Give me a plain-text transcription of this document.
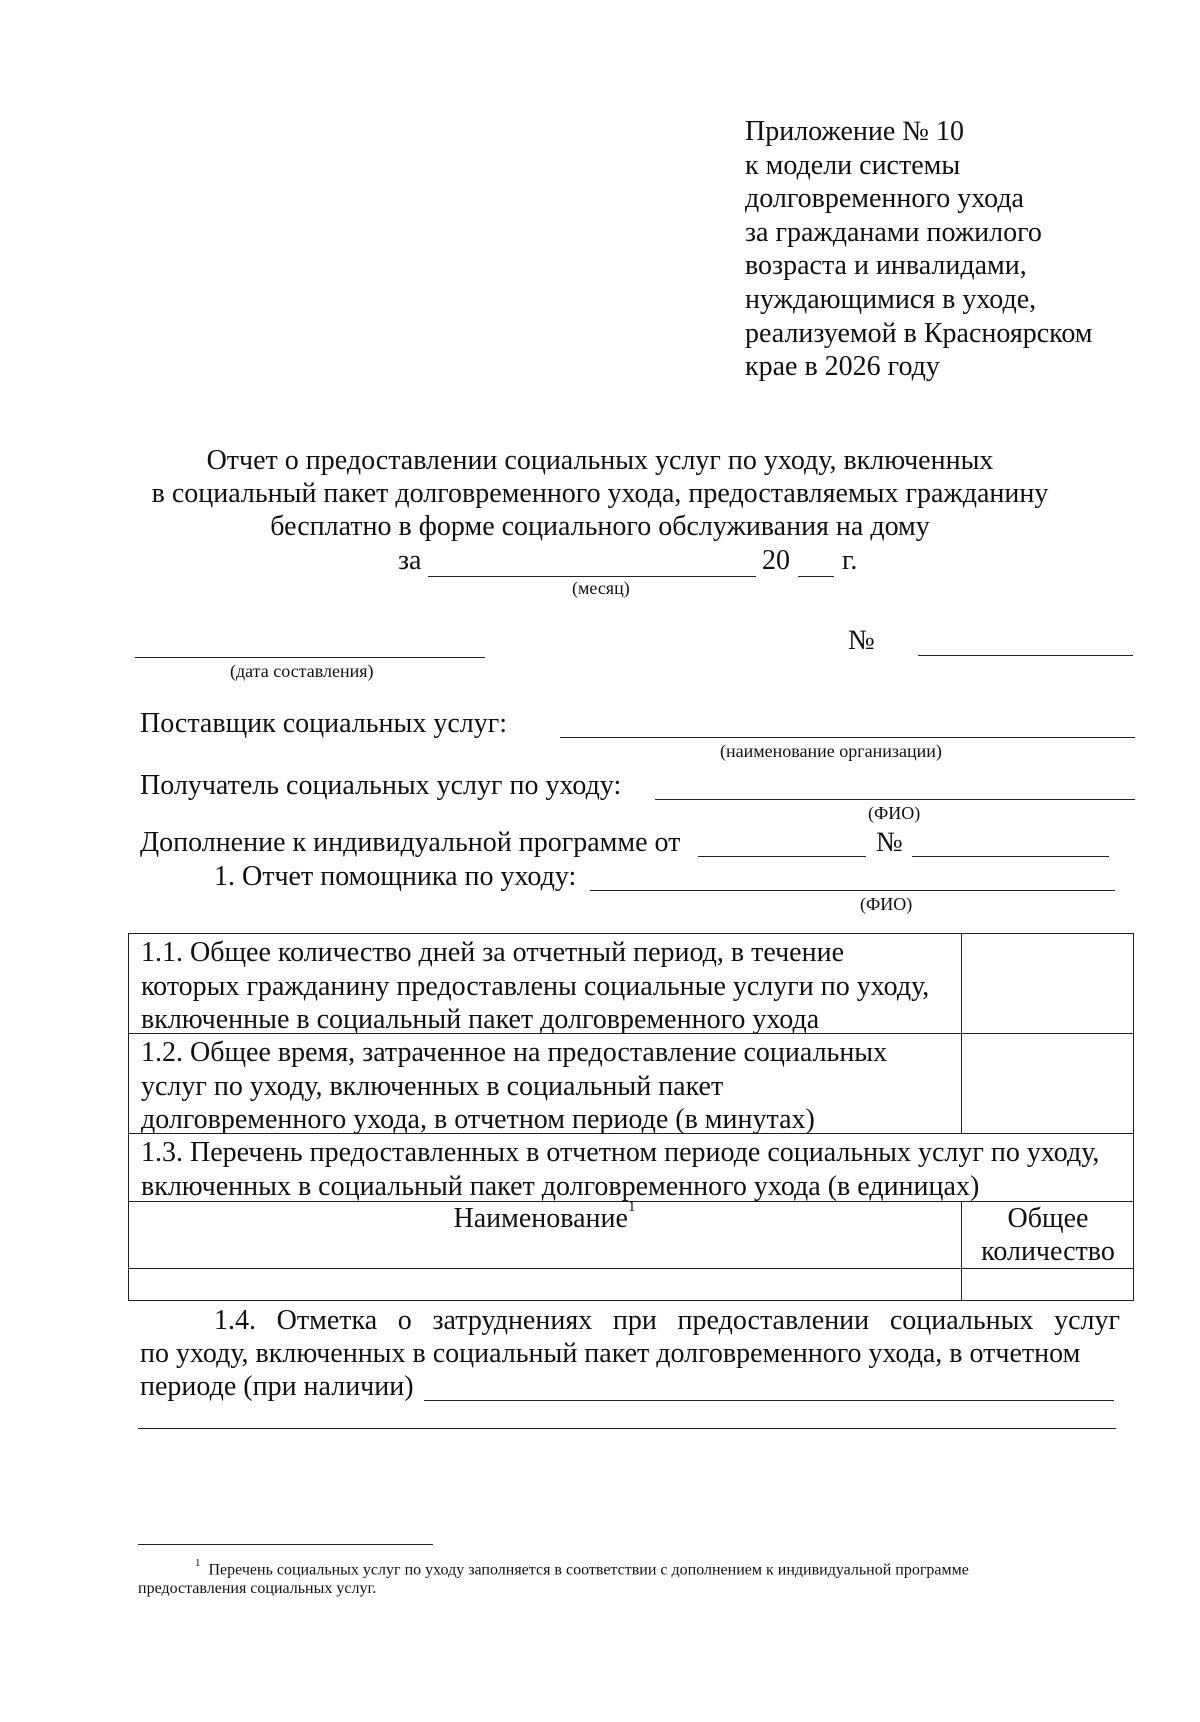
Приложение № 10
к модели системы
долговременного ухода
за гражданами пожилого
возраста и инвалидами,
нуждающимися в уходе,
реализуемой в Красноярском
крае в 2026 году
Отчет о предоставлении социальных услуг по уходу, включенных
в социальный пакет долговременного ухода, предоставляемых гражданину
бесплатно в форме социального обслуживания на дому
за	20 г.
(месяц)
(дата составления)
№
Поставщик социальных услуг:
(наименование организации)
Получатель социальных услуг по уходу:
(ФИО)
Дополнение к индивидуальной программе от	№
1. Отчет помощника по уходу:
(ФИО)
1.1. Общее количество дней за отчетный период, в течение
которых гражданину предоставлены социальные услуги по уходу,
включенные в социальный пакет долговременного ухода
1.2. Общее время, затраченное на предоставление социальных
услуг по уходу, включенных в социальный пакет
долговременного ухода, в отчетном периоде (в минутах)
1.3. Перечень предоставленных в отчетном периоде социальных услуг по уходу,
включенных в социальный пакет долговременного ухода (в единицах)
Наименование$^1$	Общее
количество
1.4. Отметка о затруднениях при предоставлении социальных услуг
по уходу, включенных в социальный пакет долговременного ухода, в отчетном
периоде (при наличии)
$^1$ Перечень социальных услуг по уходу заполняется в соответствии с дополнением к индивидуальной программе
предоставления социальных услуг.
